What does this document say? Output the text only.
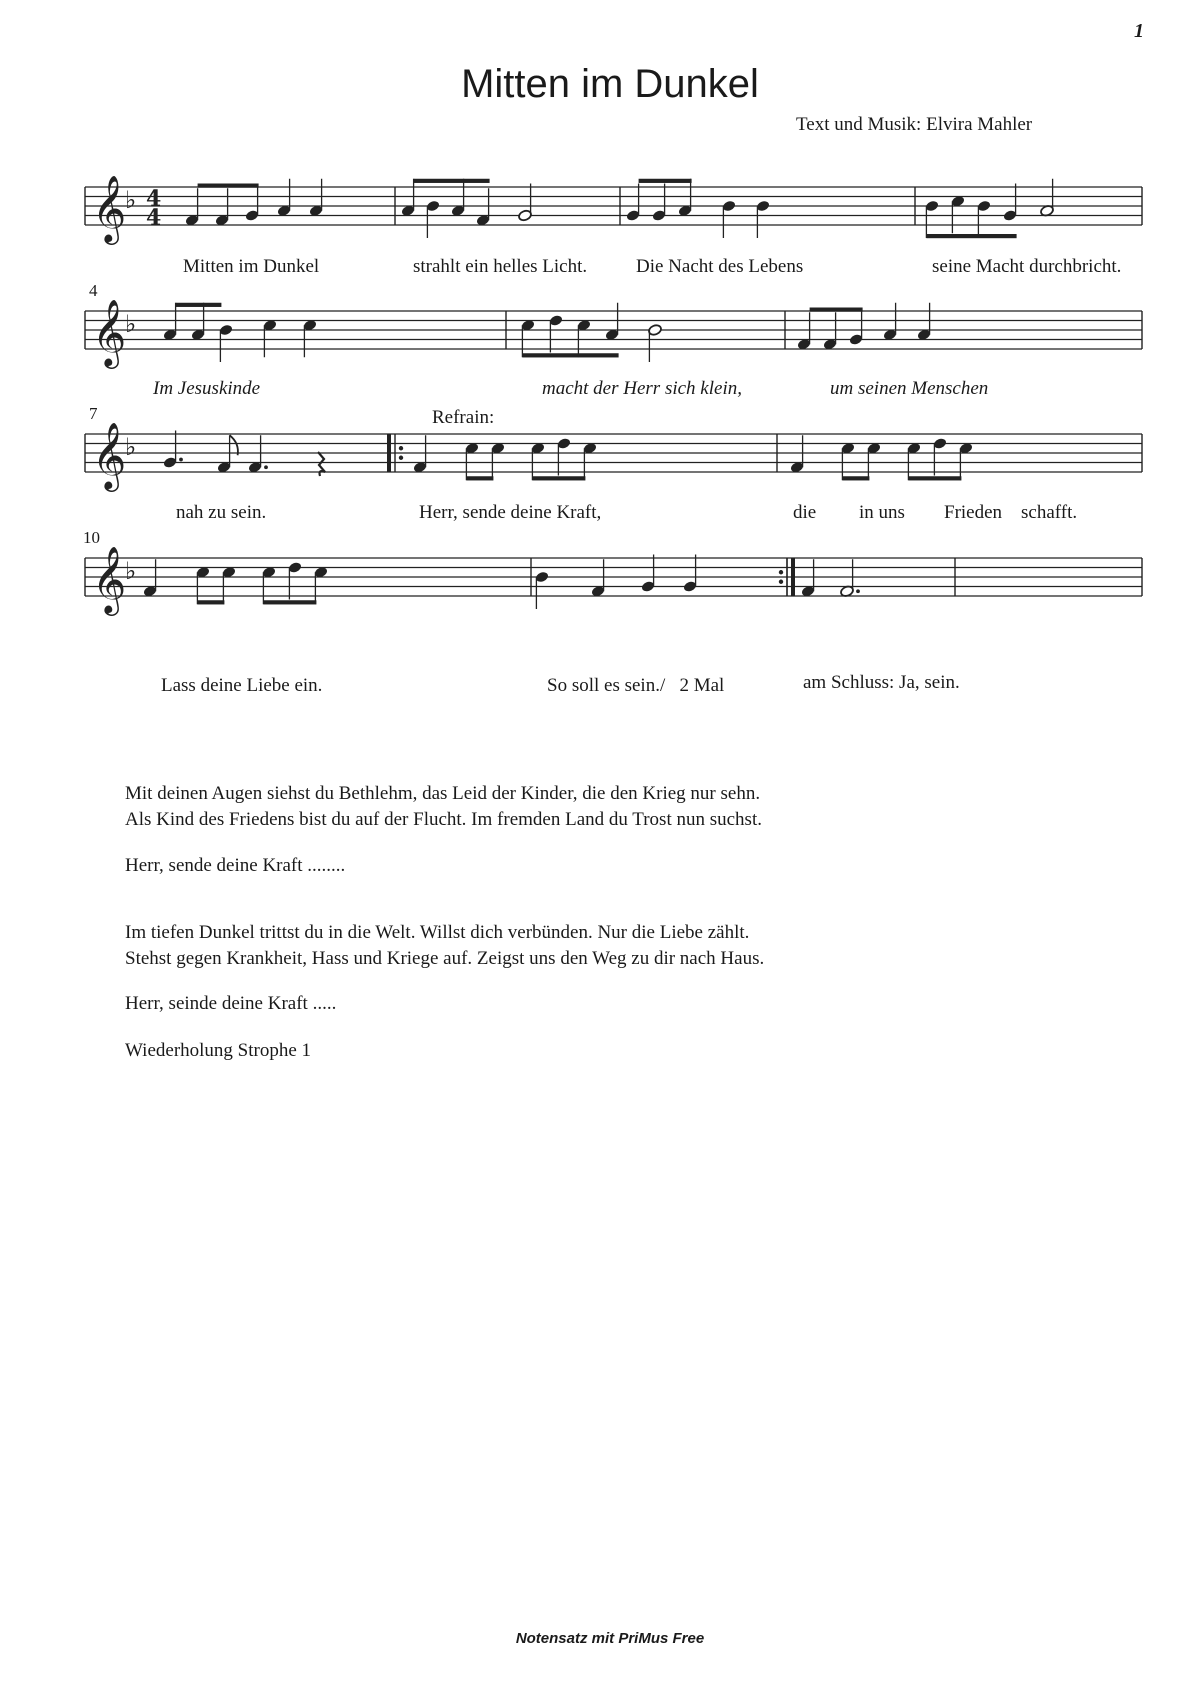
1
Mitten im Dunkel
Text und Musik: Elvira Mahler
𝄞
♭
𝄞
♭
𝄞
♭
𝄞
♭
4
4
4
7
10
Refrain:
Mitten im Dunkel	strahlt ein helles Licht.	Die Nacht des Lebens	seine Macht durchbricht.
Im Jesuskinde	macht der Herr sich klein,	um seinen Menschen
nah zu sein.	Herr, sende deine Kraft,	die in uns Frieden schafft.
Lass deine Liebe ein.	So soll es sein./   2 Mal	am Schluss: Ja, sein.
Mit deinen Augen siehst du Bethlehm, das Leid der Kinder, die den Krieg nur sehn.
Als Kind des Friedens bist du auf der Flucht. Im fremden Land du Trost nun suchst.
Herr, sende deine Kraft ........
Im tiefen Dunkel trittst du in die Welt. Willst dich verbünden. Nur die Liebe zählt.
Stehst gegen Krankheit, Hass und Kriege auf. Zeigst uns den Weg zu dir nach Haus.
Herr, seinde deine Kraft .....
Wiederholung Strophe 1
Notensatz mit PriMus Free
